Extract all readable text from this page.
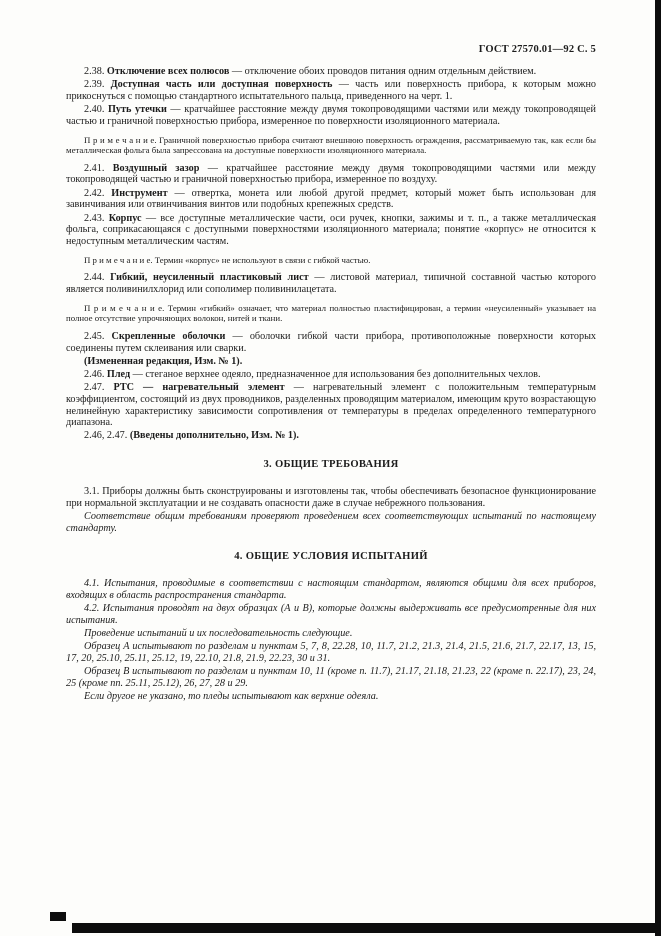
ГОСТ 27570.01—92 С. 5

2.38. Отключение всех полюсов — отключение обоих проводов питания одним отдельным действием.

2.39. Доступная часть или доступная поверхность — часть или поверхность прибора, к которым можно прикоснуться с помощью стандартного испытательного пальца, приведенного на черт. 1.

2.40. Путь утечки — кратчайшее расстояние между двумя токопроводящими частями или между токопроводящей частью и граничной поверхностью прибора, измеренное по поверхности изоляционного материала.

П р и м е ч а н и е. Граничной поверхностью прибора считают внешнюю поверхность ограждения, рассматриваемую так, как если бы металлическая фольга была запрессована на доступные поверхности изоляционного материала.

2.41. Воздушный зазор — кратчайшее расстояние между двумя токопроводящими частями или между токопроводящей частью и граничной поверхностью прибора, измеренное по воздуху.

2.42. Инструмент — отвертка, монета или любой другой предмет, который может быть использован для завинчивания или отвинчивания винтов или подобных крепежных средств.

2.43. Корпус — все доступные металлические части, оси ручек, кнопки, зажимы и т. п., а также металлическая фольга, соприкасающаяся с доступными поверхностями изоляционного материала; понятие «корпус» не относится к недоступным металлическим частям.

П р и м е ч а н и е. Термин «корпус» не используют в связи с гибкой частью.

2.44. Гибкий, неусиленный пластиковый лист — листовой материал, типичной составной частью которого является поливинилхлорид или сополимер поливинилацетата.

П р и м е ч а н и е. Термин «гибкий» означает, что материал полностью пластифицирован, а термин «неусиленный» указывает на полное отсутствие упрочняющих волокон, нитей и ткани.

2.45. Скрепленные оболочки — оболочки гибкой части прибора, противоположные поверхности которых соединены путем склеивания или сварки.

(Измененная редакция, Изм. № 1).

2.46. Плед — стеганое верхнее одеяло, предназначенное для использования без дополнительных чехлов.

2.47. РТС — нагревательный элемент — нагревательный элемент с положительным температурным коэффициентом, состоящий из двух проводников, разделенных проводящим материалом, имеющим круто возрастающую нелинейную характеристику зависимости сопротивления от температуры в пределах определенного температурного диапазона.

2.46, 2.47. (Введены дополнительно, Изм. № 1).

3. ОБЩИЕ ТРЕБОВАНИЯ

3.1. Приборы должны быть сконструированы и изготовлены так, чтобы обеспечивать безопасное функционирование при нормальной эксплуатации и не создавать опасности даже в случае небрежного пользования.

Соответствие общим требованиям проверяют проведением всех соответствующих испытаний по настоящему стандарту.

4. ОБЩИЕ УСЛОВИЯ ИСПЫТАНИЙ

4.1. Испытания, проводимые в соответствии с настоящим стандартом, являются общими для всех приборов, входящих в область распространения стандарта.

4.2. Испытания проводят на двух образцах (А и В), которые должны выдерживать все предусмотренные для них испытания.

Проведение испытаний и их последовательность следующие.

Образец А испытывают по разделам и пунктам 5, 7, 8, 22.28, 10, 11.7, 21.2, 21.3, 21.4, 21.5, 21.6, 21.7, 22.17, 13, 15, 17, 20, 25.10, 25.11, 25.12, 19, 22.10, 21.8, 21.9, 22.23, 30 и 31.

Образец В испытывают по разделам и пунктам 10, 11 (кроме п. 11.7), 21.17, 21.18, 21.23, 22 (кроме п. 22.17), 23, 24, 25 (кроме пп. 25.11, 25.12), 26, 27, 28 и 29.

Если другое не указано, то пледы испытывают как верхние одеяла.
